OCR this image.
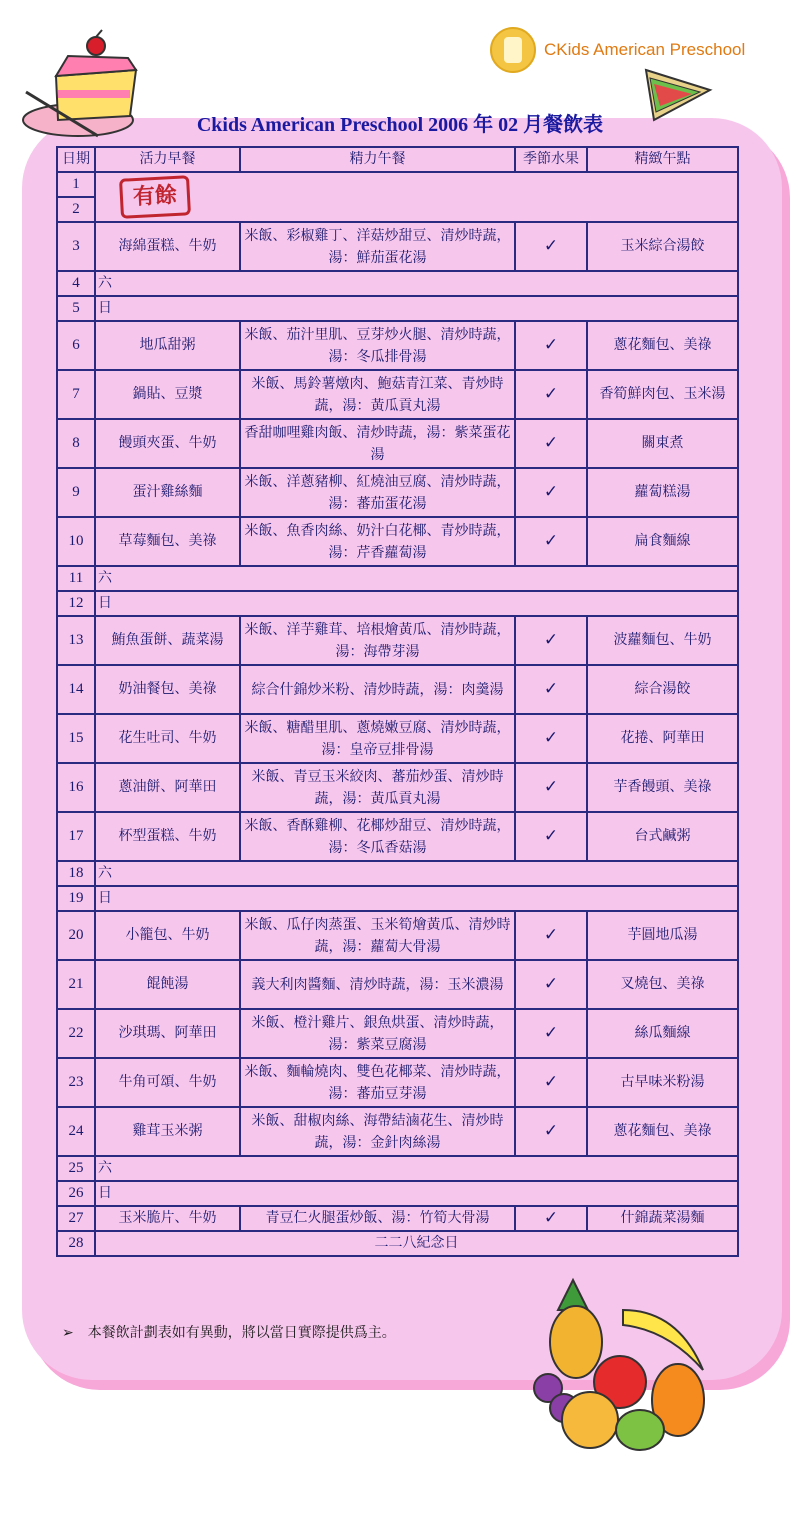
CKids American Preschool
Ckids American Preschool 2006 年 02 月餐飲表
日期	活力早餐	精力午餐	季節水果	精緻午點
1	有餘			
2				
3	海綿蛋糕、牛奶	米飯、彩椒雞丁、洋菇炒甜豆、清炒時蔬，湯：鮮茄蛋花湯	✓	玉米綜合湯餃
4	六			
5	日			
6	地瓜甜粥	米飯、茄汁里肌、豆芽炒火腿、清炒時蔬，湯：冬瓜排骨湯	✓	蔥花麵包、美祿
7	鍋貼、豆漿	米飯、馬鈴薯燉肉、鮑菇青江菜、青炒時蔬，湯：黃瓜貢丸湯	✓	香筍鮮肉包、玉米湯
8	饅頭夾蛋、牛奶	香甜咖哩雞肉飯、清炒時蔬，湯：紫菜蛋花湯	✓	關東煮
9	蛋汁雞絲麵	米飯、洋蔥豬柳、紅燒油豆腐、清炒時蔬，湯：蕃茄蛋花湯	✓	蘿蔔糕湯
10	草莓麵包、美祿	米飯、魚香肉絲、奶汁白花椰、青炒時蔬，湯：芹香蘿蔔湯	✓	扁食麵線
11	六			
12	日			
13	鮪魚蛋餅、蔬菜湯	米飯、洋芋雞茸、培根燴黃瓜、清炒時蔬，湯：海帶芽湯	✓	波蘿麵包、牛奶
14	奶油餐包、美祿	綜合什錦炒米粉、清炒時蔬，湯：肉羹湯	✓	綜合湯餃
15	花生吐司、牛奶	米飯、糖醋里肌、蔥燒嫩豆腐、清炒時蔬，湯：皇帝豆排骨湯	✓	花捲、阿華田
16	蔥油餅、阿華田	米飯、青豆玉米絞肉、蕃茄炒蛋、清炒時蔬，湯：黃瓜貢丸湯	✓	芋香饅頭、美祿
17	杯型蛋糕、牛奶	米飯、香酥雞柳、花椰炒甜豆、清炒時蔬，湯：冬瓜香菇湯	✓	台式鹹粥
18	六			
19	日			
20	小籠包、牛奶	米飯、瓜仔肉蒸蛋、玉米筍燴黃瓜、清炒時蔬，湯：蘿蔔大骨湯	✓	芋圓地瓜湯
21	餛飩湯	義大利肉醬麵、清炒時蔬，湯：玉米濃湯	✓	叉燒包、美祿
22	沙琪瑪、阿華田	米飯、橙汁雞片、銀魚烘蛋、清炒時蔬，湯：紫菜豆腐湯	✓	絲瓜麵線
23	牛角可頌、牛奶	米飯、麵輪燒肉、雙色花椰菜、清炒時蔬，湯：蕃茄豆芽湯	✓	古早味米粉湯
24	雞茸玉米粥	米飯、甜椒肉絲、海帶結滷花生、清炒時蔬，湯：金針肉絲湯	✓	蔥花麵包、美祿
25	六			
26	日			
27	玉米脆片、牛奶	青豆仁火腿蛋炒飯、湯：竹筍大骨湯	✓	什錦蔬菜湯麵
28	二二八紀念日			
➢ 本餐飲計劃表如有異動，將以當日實際提供爲主。
